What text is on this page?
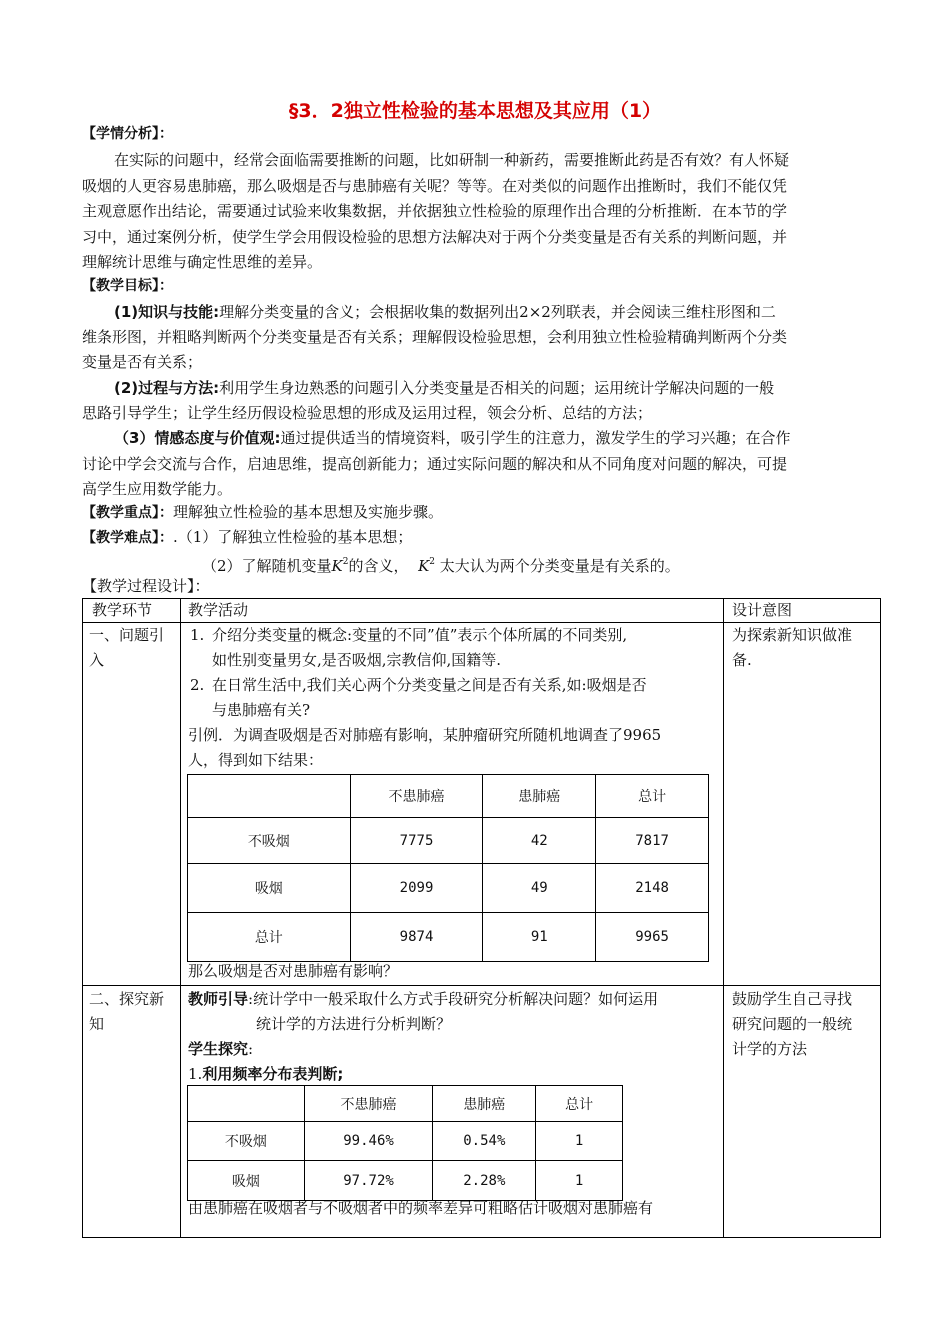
§3．2独立性检验的基本思想及其应用（1）
【学情分析】：
在实际的问题中，经常会面临需要推断的问题，比如研制一种新药，需要推断此药是否有效？有人怀疑
吸烟的人更容易患肺癌，那么吸烟是否与患肺癌有关呢？等等。在对类似的问题作出推断时，我们不能仅凭
主观意愿作出结论，需要通过试验来收集数据，并依据独立性检验的原理作出合理的分析推断．在本节的学
习中，通过案例分析，使学生学会用假设检验的思想方法解决对于两个分类变量是否有关系的判断问题，并
理解统计思维与确定性思维的差异。
【教学目标】：
(1)知识与技能:理解分类变量的含义；会根据收集的数据列出2×2列联表，并会阅读三维柱形图和二
维条形图，并粗略判断两个分类变量是否有关系；理解假设检验思想，会利用独立性检验精确判断两个分类
变量是否有关系；
(2)过程与方法:利用学生身边熟悉的问题引入分类变量是否相关的问题；运用统计学解决问题的一般
思路引导学生；让学生经历假设检验思想的形成及运用过程，领会分析、总结的方法；
（3）情感态度与价值观:通过提供适当的情境资料，吸引学生的注意力，激发学生的学习兴趣；在合作
讨论中学会交流与合作，启迪思维，提高创新能力；通过实际问题的解决和从不同角度对问题的解决，可提
高学生应用数学能力。
【教学重点】：理解独立性检验的基本思想及实施步骤。
【教学难点】：.（1）了解独立性检验的基本思想；
（2）了解随机变量$K^2$的含义， $K^2$ 太大认为两个分类变量是有关系的。
【教学过程设计】：
教学环节 教学活动	设计意图
一、问题引
入
1. 介绍分类变量的概念:变量的不同”值”表示个体所属的不同类别,
如性别变量男女,是否吸烟,宗教信仰,国籍等.
2. 在日常生活中,我们关心两个分类变量之间是否有关系,如:吸烟是否
与患肺癌有关?
引例．为调查吸烟是否对肺癌有影响，某肿瘤研究所随机地调查了9965
人，得到如下结果：
	不患肺癌	患肺癌	总计
不吸烟	7775	42	7817
吸烟	2099	49	2148
总计	9874	91	9965
那么吸烟是否对患肺癌有影响？
为探索新知识做准
备.
二、探究新
知
教师引导:统计学中一般采取什么方式手段研究分析解决问题？如何运用
统计学的方法进行分析判断？
学生探究:
1.利用频率分布表判断;
	不患肺癌	患肺癌	总计
不吸烟	99.46%	0.54%	1
吸烟	97.72%	2.28%	1
由患肺癌在吸烟者与不吸烟者中的频率差异可粗略估计吸烟对患肺癌有
鼓励学生自己寻找
研究问题的一般统
计学的方法
